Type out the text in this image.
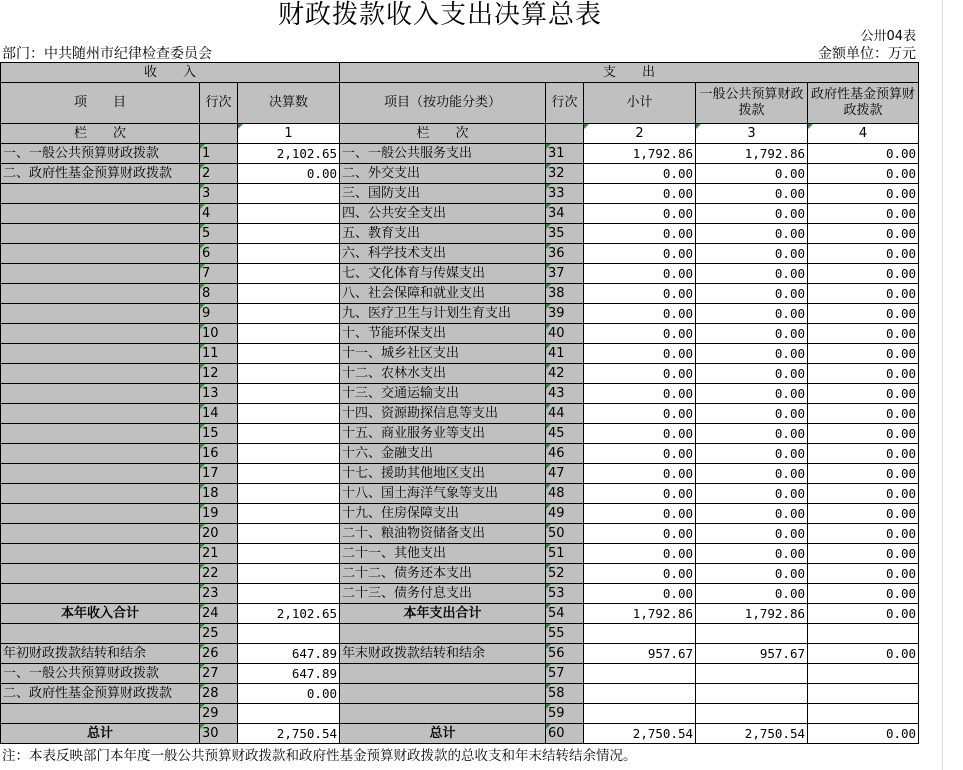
财政拨款收入支出决算总表
公卅04表
部门：中共随州市纪律检查委员会	金额单位：万元
收　　入			支　　出				
项　　目	行次	决算数	项目（按功能分类）	行次	小计	一般公共预算财政拨款	政府性基金预算财政拨款
栏　　次		1	栏　　次		2	3	4
一、一般公共预算财政拨款	1	2,102.65	一、一般公共服务支出	31	1,792.86	1,792.86	0.00
二、政府性基金预算财政拨款	2	0.00	二、外交支出	32	0.00	0.00	0.00
	3		三、国防支出	33	0.00	0.00	0.00
	4		四、公共安全支出	34	0.00	0.00	0.00
	5		五、教育支出	35	0.00	0.00	0.00
	6		六、科学技术支出	36	0.00	0.00	0.00
	7		七、文化体育与传媒支出	37	0.00	0.00	0.00
	8		八、社会保障和就业支出	38	0.00	0.00	0.00
	9		九、医疗卫生与计划生育支出	39	0.00	0.00	0.00
	10		十、节能环保支出	40	0.00	0.00	0.00
	11		十一、城乡社区支出	41	0.00	0.00	0.00
	12		十二、农林水支出	42	0.00	0.00	0.00
	13		十三、交通运输支出	43	0.00	0.00	0.00
	14		十四、资源勘探信息等支出	44	0.00	0.00	0.00
	15		十五、商业服务业等支出	45	0.00	0.00	0.00
	16		十六、金融支出	46	0.00	0.00	0.00
	17		十七、援助其他地区支出	47	0.00	0.00	0.00
	18		十八、国土海洋气象等支出	48	0.00	0.00	0.00
	19		十九、住房保障支出	49	0.00	0.00	0.00
	20		二十、粮油物资储备支出	50	0.00	0.00	0.00
	21		二十一、其他支出	51	0.00	0.00	0.00
	22		二十二、债务还本支出	52	0.00	0.00	0.00
	23		二十三、债务付息支出	53	0.00	0.00	0.00
本年收入合计	24	2,102.65	本年支出合计	54	1,792.86	1,792.86	0.00
	25			55			
年初财政拨款结转和结余	26	647.89	年末财政拨款结转和结余	56	957.67	957.67	0.00
一、一般公共预算财政拨款	27	647.89		57			
二、政府性基金预算财政拨款	28	0.00		58			
	29			59			
总计	30	2,750.54	总计	60	2,750.54	2,750.54	0.00
注：本表反映部门本年度一般公共预算财政拨款和政府性基金预算财政拨款的总收支和年末结转结余情况。
